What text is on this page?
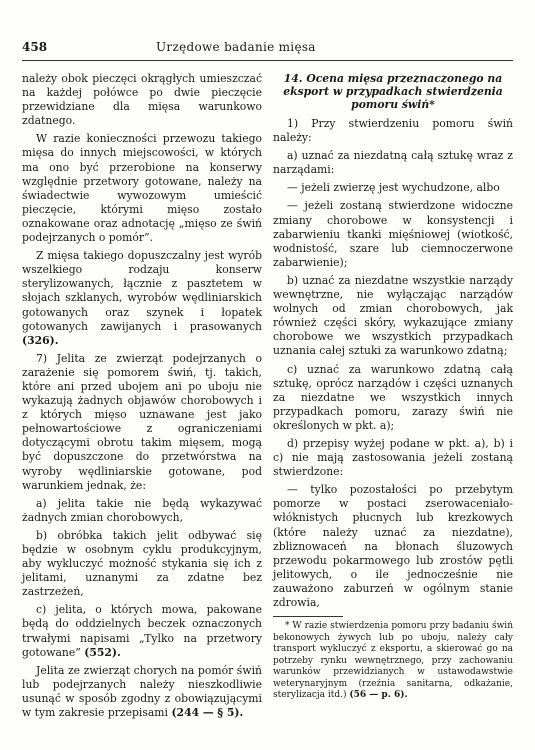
458	Urzędowe badanie mięsa

należy obok pieczęci okrągłych umieszczać na każdej połówce po dwie pieczęcie przewidziane dla mięsa warunkowo zdatnego.

W razie konieczności przewozu takiego mięsa do innych miejscowości, w których ma ono być przerobione na konserwy względnie przetwory gotowane, należy na świadectwie wywozowym umieścić pieczęcie, którymi mięso zostało oznakowane oraz adnotację „mięso ze świń podejrzanych o pomór”.

Z mięsa takiego dopuszczalny jest wyrób wszelkiego rodzaju konserw sterylizowanych, łącznie z pasztetem w słojach szklanych, wyrobów wędliniarskich gotowanych oraz szynek i łopatek gotowanych zawijanych i prasowanych (326).

7) Jelita ze zwierząt podejrzanych o zarażenie się pomorem świń, tj. takich, które ani przed ubojem ani po uboju nie wykazują żadnych objawów chorobowych i z których mięso uznawane jest jako pełnowartościowe z ograniczeniami dotyczącymi obrotu takim mięsem, mogą być dopuszczone do przetwórstwa na wyroby wędliniarskie gotowane, pod warunkiem jednak, że:

a) jelita takie nie będą wykazywać żadnych zmian chorobowych,

b) obróbka takich jelit odbywać się będzie w osobnym cyklu produkcyjnym, aby wykluczyć możność stykania się ich z jelitami, uznanymi za zdatne bez zastrzeżeń,

c) jelita, o których mowa, pakowane będą do oddzielnych beczek oznaczonych trwałymi napisami „Tylko na przetwory gotowane” (552).

Jelita ze zwierząt chorych na pomór świń lub podejrzanych należy nieszkodliwie usunąć w sposób zgodny z obowiązującymi w tym zakresie przepisami (244 — § 5).

14. Ocena mięsa przeznaczonego na eksport w przypadkach stwierdzenia pomoru świń*

1) Przy stwierdzeniu pomoru świń należy:

a) uznać za niezdatną całą sztukę wraz z narządami:

— jeżeli zwierzę jest wychudzone, albo

— jeżeli zostaną stwierdzone widoczne zmiany chorobowe w konsystencji i zabarwieniu tkanki mięśniowej (wiotkość, wodnistość, szare lub ciemnoczerwone zabarwienie);

b) uznać za niezdatne wszystkie narządy wewnętrzne, nie wyłączając narządów wolnych od zmian chorobowych, jak również części skóry, wykazujące zmiany chorobowe we wszystkich przypadkach uznania całej sztuki za warunkowo zdatną;

c) uznać za warunkowo zdatną całą sztukę, oprócz narządów i części uznanych za niezdatne we wszystkich innych przypadkach pomoru, zarazy świń nie określonych w pkt. a);

d) przepisy wyżej podane w pkt. a), b) i c) nie mają zastosowania jeżeli zostaną stwierdzone:

— tylko pozostałości po przebytym pomorze w postaci zserowaceniało-włóknistych płucnych lub krezkowych (które należy uznać za niezdatne), zbliznowaceń na błonach śluzowych przewodu pokarmowego lub zrostów pętli jelitowych, o ile jednocześnie nie zauważono zaburzeń w ogólnym stanie zdrowia,

* W razie stwierdzenia pomoru przy badaniu świń bekonowych żywych lub po uboju, należy cały transport wykluczyć z eksportu, a skierować go na potrzeby rynku wewnętrznego, przy zachowaniu warunków przewidzianych w ustawodawstwie weterynaryjnym (rzeźnia sanitarna, odkażanie, sterylizacja itd.) (56 — p. 6).
